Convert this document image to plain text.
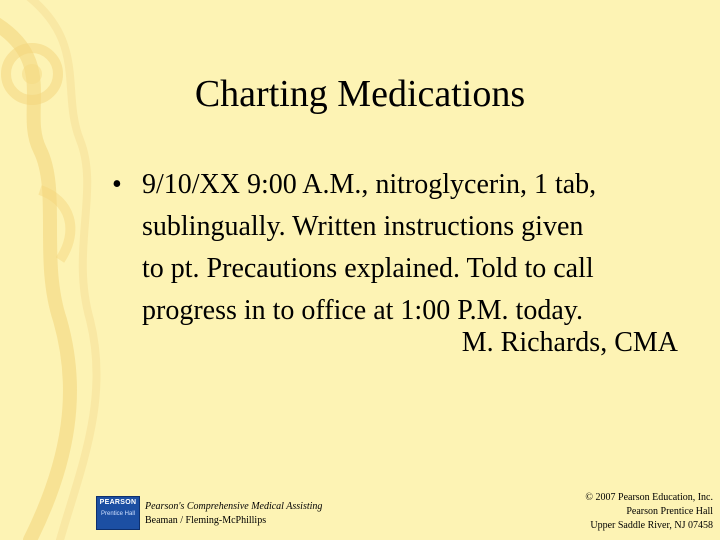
Charting Medications
• 9/10/XX 9:00 A.M., nitroglycerin, 1 tab,
sublingually. Written instructions given
to pt. Precautions explained. Told to call
progress in to office at 1:00 P.M. today.
M. Richards, CMA
PEARSON
Prentice Hall
Pearson's Comprehensive Medical Assisting
Beaman / Fleming-McPhillips
© 2007 Pearson Education, Inc.
Pearson Prentice Hall
Upper Saddle River, NJ 07458
